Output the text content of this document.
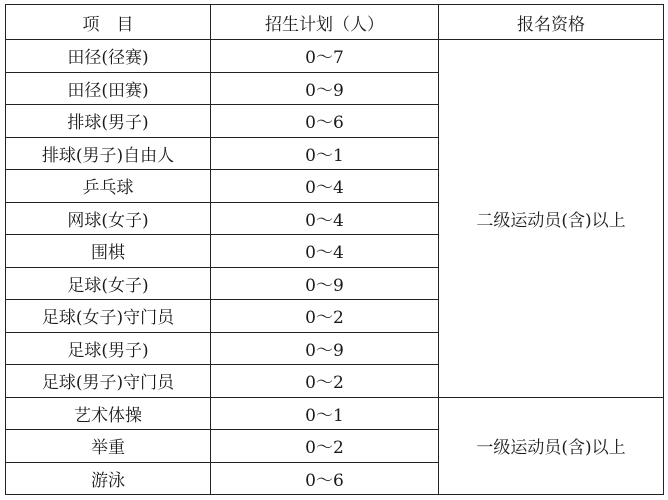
项　目	招生计划（人）	报名资格
田径(径赛)	0～7	二级运动员(含)以上
田径(田赛)	0～9	
排球(男子)	0～6	
排球(男子)自由人	0～1	
乒乓球	0～4	
网球(女子)	0～4	
围棋	0～4	
足球(女子)	0～9	
足球(女子)守门员	0～2	
足球(男子)	0～9	
足球(男子)守门员	0～2	
艺术体操	0～1	一级运动员(含)以上
举重	0～2	
游泳	0～6	
